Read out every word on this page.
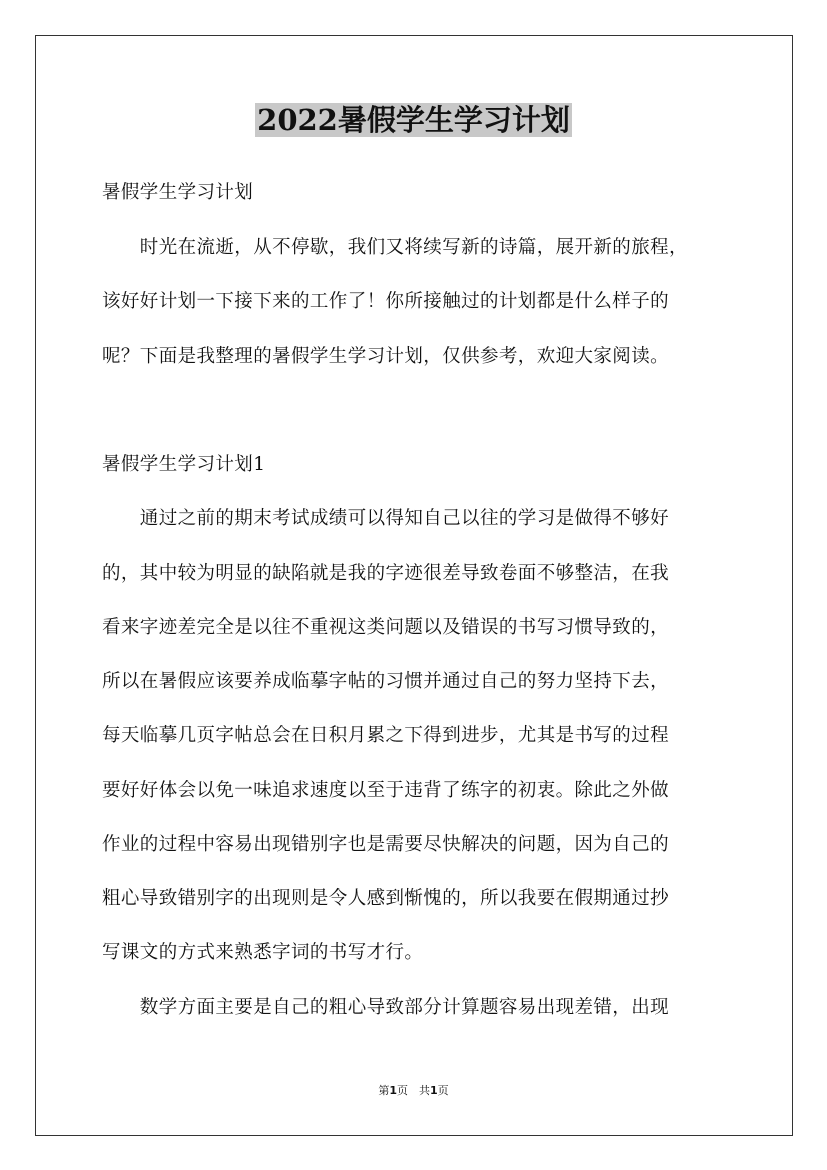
2022暑假学生学习计划
暑假学生学习计划
　　时光在流逝，从不停歇，我们又将续写新的诗篇，展开新的旅程，
该好好计划一下接下来的工作了！你所接触过的计划都是什么样子的
呢？下面是我整理的暑假学生学习计划，仅供参考，欢迎大家阅读。
暑假学生学习计划1
　　通过之前的期末考试成绩可以得知自己以往的学习是做得不够好
的，其中较为明显的缺陷就是我的字迹很差导致卷面不够整洁，在我
看来字迹差完全是以往不重视这类问题以及错误的书写习惯导致的，
所以在暑假应该要养成临摹字帖的习惯并通过自己的努力坚持下去，
每天临摹几页字帖总会在日积月累之下得到进步，尤其是书写的过程
要好好体会以免一味追求速度以至于违背了练字的初衷。除此之外做
作业的过程中容易出现错别字也是需要尽快解决的问题，因为自己的
粗心导致错别字的出现则是令人感到惭愧的，所以我要在假期通过抄
写课文的方式来熟悉字词的书写才行。
　　数学方面主要是自己的粗心导致部分计算题容易出现差错，出现
第1页　共1页
